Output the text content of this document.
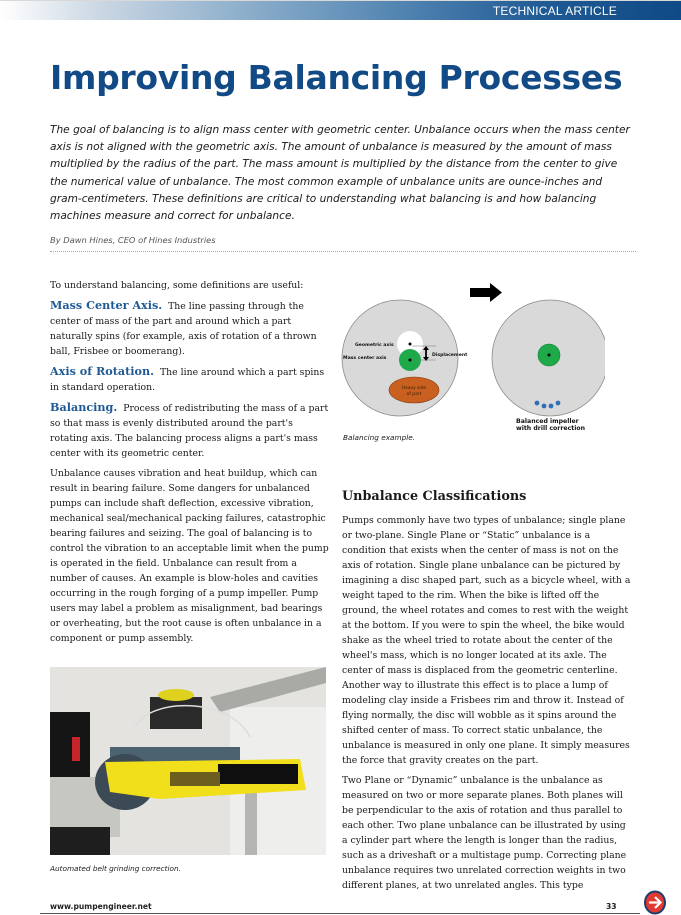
TECHNICAL ARTICLE
Improving Balancing Processes

The goal of balancing is to align mass center with geometric center. Unbalance occurs when the mass center axis is not aligned with the geometric axis. The amount of unbalance is measured by the amount of mass multiplied by the radius of the part. The mass amount is multiplied by the distance from the center to give the numerical value of unbalance. The most common example of unbalance units are ounce-inches and gram-centimeters. These definitions are critical to understanding what balancing is and how balancing machines measure and correct for unbalance.

By Dawn Hines, CEO of Hines Industries

To understand balancing, some definitions are useful:

Mass Center Axis. The line passing through the center of mass of the part and around which a part naturally spins (for example, axis of rotation of a thrown ball, Frisbee or boomerang).

Axis of Rotation. The line around which a part spins in standard operation.

Balancing. Process of redistributing the mass of a part so that mass is evenly distributed around the part's rotating axis. The balancing process aligns a part's mass center with its geometric center.

Unbalance causes vibration and heat buildup, which can result in bearing failure. Some dangers for unbalanced pumps can include shaft deflection, excessive vibration, mechanical seal/mechanical packing failures, catastrophic bearing failures and seizing. The goal of balancing is to control the vibration to an acceptable limit when the pump is operated in the field. Unbalance can result from a number of causes. An example is blow-holes and cavities occurring in the rough forging of a pump impeller. Pump users may label a problem as misalignment, bad bearings or overheating, but the root cause is often unbalance in a component or pump assembly.

Geometric axis
Mass center axis
Displacement
Heavy side
of part
Balanced impeller
with drill correction

Balancing example.

Unbalance Classifications

Pumps commonly have two types of unbalance; single plane or two-plane. Single Plane or “Static” unbalance is a condition that exists when the center of mass is not on the axis of rotation. Single plane unbalance can be pictured by imagining a disc shaped part, such as a bicycle wheel, with a weight taped to the rim. When the bike is lifted off the ground, the wheel rotates and comes to rest with the weight at the bottom. If you were to spin the wheel, the bike would shake as the wheel tried to rotate about the center of the wheel's mass, which is no longer located at its axle. The center of mass is displaced from the geometric centerline. Another way to illustrate this effect is to place a lump of modeling clay inside a Frisbees rim and throw it. Instead of flying normally, the disc will wobble as it spins around the shifted center of mass. To correct static unbalance, the unbalance is measured in only one plane. It simply measures the force that gravity creates on the part.

Two Plane or “Dynamic” unbalance is the unbalance as measured on two or more separate planes. Both planes will be perpendicular to the axis of rotation and thus parallel to each other. Two plane unbalance can be illustrated by using a cylinder part where the length is longer than the radius, such as a driveshaft or a multistage pump. Correcting plane unbalance requires two unrelated correction weights in two different planes, at two unrelated angles. This type

Automated belt grinding correction.

www.pumpengineer.net	33
